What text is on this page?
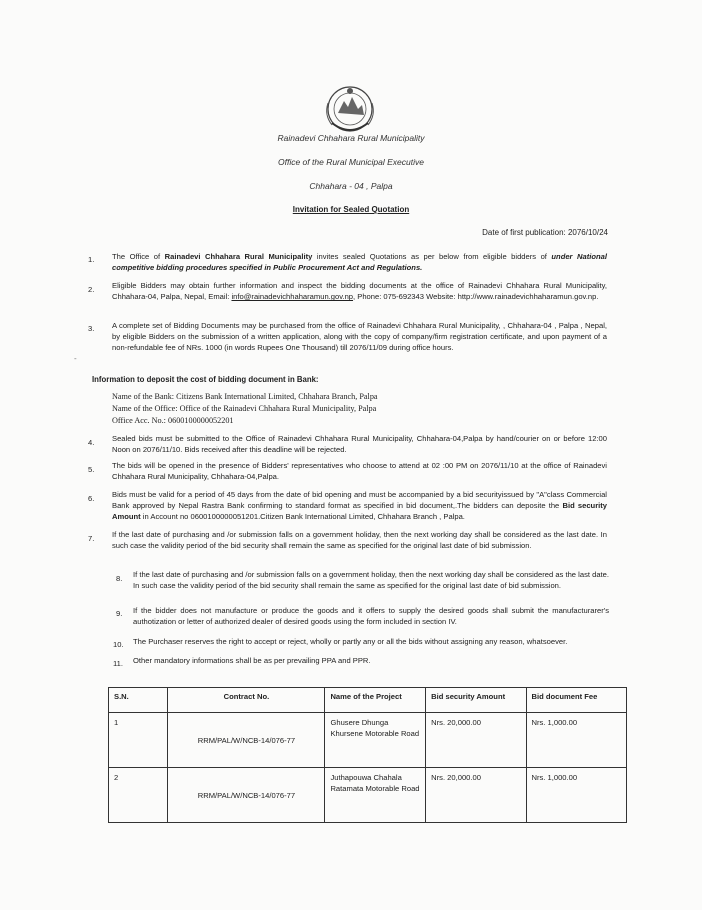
Rainadevi Chhahara Rural Municipality
Office of the Rural Municipal Executive
Chhahara - 04 , Palpa
Invitation for Sealed Quotation
Date of first publication: 2076/10/24
1. The Office of Rainadevi Chhahara Rural Municipality invites sealed Quotations as per below from eligible bidders of under National competitive bidding procedures specified in Public Procurement Act and Regulations.
2. Eligible Bidders may obtain further information and inspect the bidding documents at the office of Rainadevi Chhahara Rural Municipality, Chhahara-04, Palpa, Nepal, Email: info@rainadevichhaharamun.gov.np, Phone: 075-692343 Website: http://www.rainadevichhaharamun.gov.np.
3. A complete set of Bidding Documents may be purchased from the office of Rainadevi Chhahara Rural Municipality, , Chhahara-04 , Palpa , Nepal, by eligible Bidders on the submission of a written application, along with the copy of company/firm registration certificate, and upon payment of a non-refundable fee of NRs. 1000 (in words Rupees One Thousand) till 2076/11/09 during office hours.
-
Information to deposit the cost of bidding document in Bank:
Name of the Bank: Citizens Bank International Limited, Chhahara Branch, Palpa
Name of the Office: Office of the Rainadevi Chhahara Rural Municipality, Palpa
Office Acc. No.: 0600100000052201
4. Sealed bids must be submitted to the Office of Rainadevi Chhahara Rural Municipality, Chhahara-04,Palpa by hand/courier on or before 12:00 Noon on 2076/11/10. Bids received after this deadline will be rejected.
5. The bids will be opened in the presence of Bidders' representatives who choose to attend at 02 :00 PM on 2076/11/10 at the office of Rainadevi Chhahara Rural Municipality, Chhahara-04,Palpa.
6. Bids must be valid for a period of 45 days from the date of bid opening and must be accompanied by a bid securityissued by "A"class Commercial Bank approved by Nepal Rastra Bank confirming to standard format as specified in bid document,.The bidders can deposite the Bid security Amount in Account no 0600100000051201.Citizen Bank International Limited, Chhahara Branch , Palpa.
7. If the last date of purchasing and /or submission falls on a government holiday, then the next working day shall be considered as the last date. In such case the validity period of the bid security shall remain the same as specified for the original last date of bid submission.
8. If the last date of purchasing and /or submission falls on a government holiday, then the next working day shall be considered as the last date. In such case the validity period of the bid security shall remain the same as specified for the original last date of bid submission.
9. If the bidder does not manufacture or produce the goods and it offers to supply the desired goods shall submit the manufacturarer's authotization or letter of authorized dealer of desired goods using the form included in section IV.
10. The Purchaser reserves the right to accept or reject, wholly or partly any or all the bids without assigning any reason, whatsoever.
11. Other mandatory informations shall be as per prevailing PPA and PPR.
S.N.	Contract No.	Name of the Project	Bid security Amount	Bid document Fee
1	RRM/PAL/W/NCB-14/076-77	Ghusere Dhunga Khursene Motorable Road	Nrs. 20,000.00	Nrs. 1,000.00
2	RRM/PAL/W/NCB-14/076-77	Juthapouwa Chahala Ratamata Motorable Road	Nrs. 20,000.00	Nrs. 1,000.00
